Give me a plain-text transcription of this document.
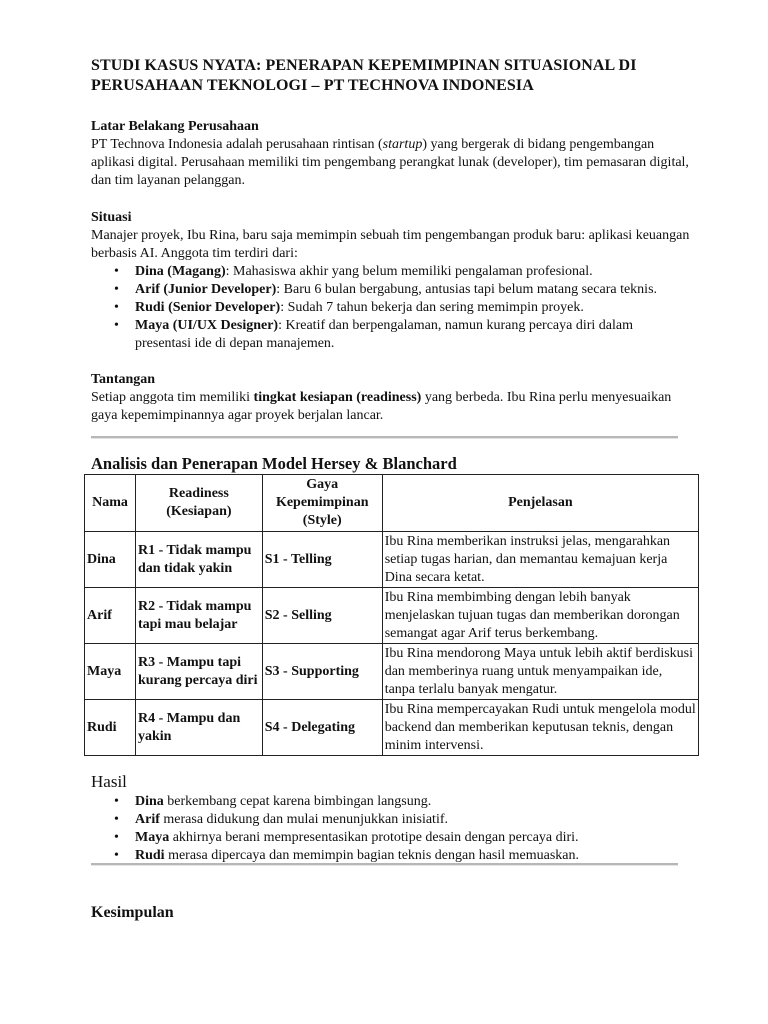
STUDI KASUS NYATA: PENERAPAN KEPEMIMPINAN SITUASIONAL DI PERUSAHAAN TEKNOLOGI – PT TECHNOVA INDONESIA
Latar Belakang Perusahaan
PT Technova Indonesia adalah perusahaan rintisan (startup) yang bergerak di bidang pengembangan aplikasi digital. Perusahaan memiliki tim pengembang perangkat lunak (developer), tim pemasaran digital, dan tim layanan pelanggan.
Situasi
Manajer proyek, Ibu Rina, baru saja memimpin sebuah tim pengembangan produk baru: aplikasi keuangan berbasis AI. Anggota tim terdiri dari:
• Dina (Magang): Mahasiswa akhir yang belum memiliki pengalaman profesional.
• Arif (Junior Developer): Baru 6 bulan bergabung, antusias tapi belum matang secara teknis.
• Rudi (Senior Developer): Sudah 7 tahun bekerja dan sering memimpin proyek.
• Maya (UI/UX Designer): Kreatif dan berpengalaman, namun kurang percaya diri dalam presentasi ide di depan manajemen.
Tantangan
Setiap anggota tim memiliki tingkat kesiapan (readiness) yang berbeda. Ibu Rina perlu menyesuaikan gaya kepemimpinannya agar proyek berjalan lancar.
Analisis dan Penerapan Model Hersey & Blanchard
Nama	Readiness (Kesiapan)	Gaya Kepemimpinan (Style)	Penjelasan
Dina	R1 - Tidak mampu dan tidak yakin	S1 - Telling	Ibu Rina memberikan instruksi jelas, mengarahkan setiap tugas harian, dan memantau kemajuan kerja Dina secara ketat.
Arif	R2 - Tidak mampu tapi mau belajar	S2 - Selling	Ibu Rina membimbing dengan lebih banyak menjelaskan tujuan tugas dan memberikan dorongan semangat agar Arif terus berkembang.
Maya	R3 - Mampu tapi kurang percaya diri	S3 - Supporting	Ibu Rina mendorong Maya untuk lebih aktif berdiskusi dan memberinya ruang untuk menyampaikan ide, tanpa terlalu banyak mengatur.
Rudi	R4 - Mampu dan yakin	S4 - Delegating	Ibu Rina mempercayakan Rudi untuk mengelola modul backend dan memberikan keputusan teknis, dengan minim intervensi.
Hasil
• Dina berkembang cepat karena bimbingan langsung.
• Arif merasa didukung dan mulai menunjukkan inisiatif.
• Maya akhirnya berani mempresentasikan prototipe desain dengan percaya diri.
• Rudi merasa dipercaya dan memimpin bagian teknis dengan hasil memuaskan.
Kesimpulan
